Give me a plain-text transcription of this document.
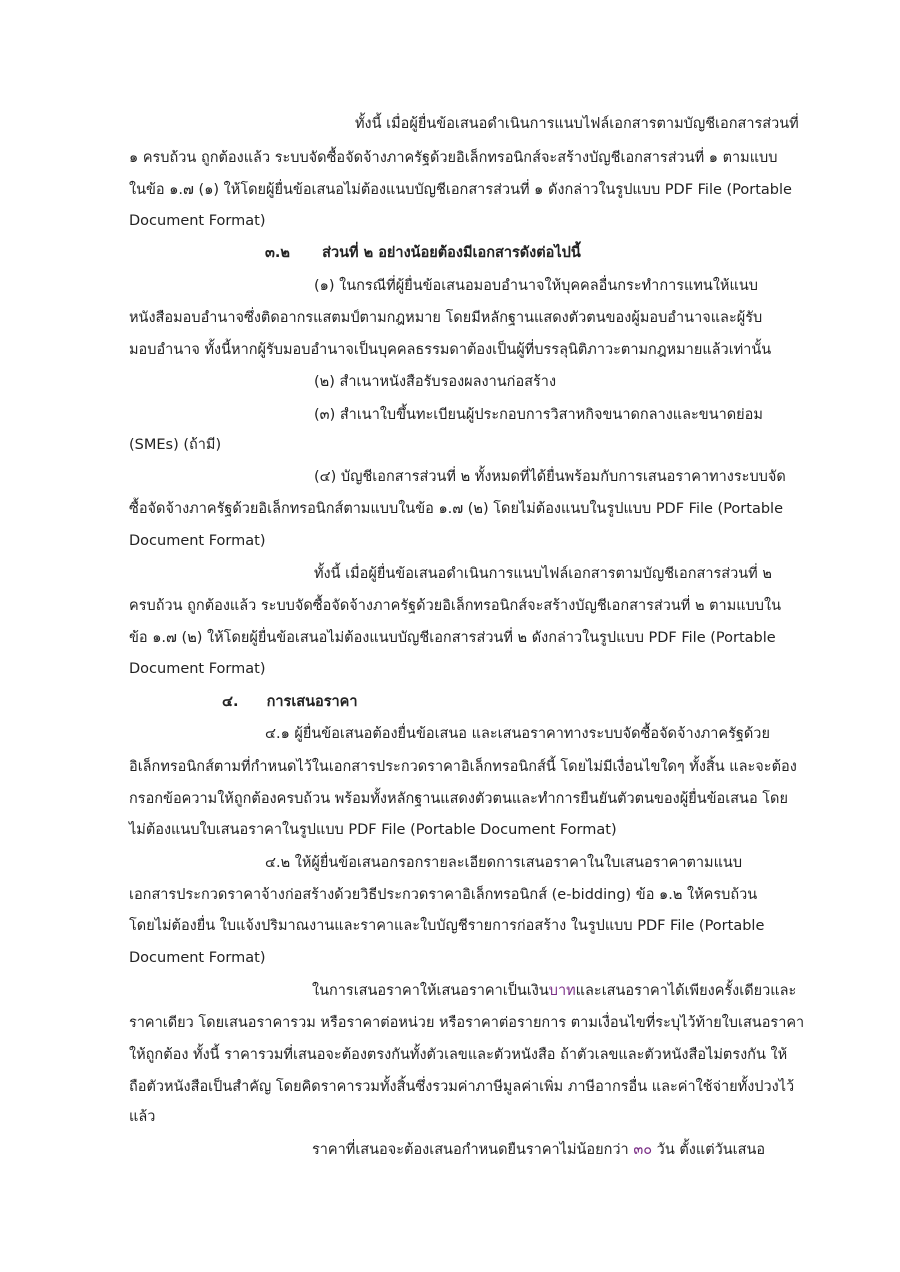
ทั้งนี้ เมื่อผู้ยื่นข้อเสนอดำเนินการแนบไฟล์เอกสารตามบัญชีเอกสารส่วนที่
๑ ครบถ้วน ถูกต้องแล้ว ระบบจัดซื้อจัดจ้างภาครัฐด้วยอิเล็กทรอนิกส์จะสร้างบัญชีเอกสารส่วนที่ ๑ ตามแบบ
ในข้อ ๑.๗ (๑) ให้โดยผู้ยื่นข้อเสนอไม่ต้องแนบบัญชีเอกสารส่วนที่ ๑ ดังกล่าวในรูปแบบ PDF File (Portable
Document Format)
๓.๒ ส่วนที่ ๒ อย่างน้อยต้องมีเอกสารดังต่อไปนี้
(๑) ในกรณีที่ผู้ยื่นข้อเสนอมอบอำนาจให้บุคคลอื่นกระทำการแทนให้แนบ
หนังสือมอบอำนาจซึ่งติดอากรแสตมป์ตามกฎหมาย โดยมีหลักฐานแสดงตัวตนของผู้มอบอำนาจและผู้รับ
มอบอำนาจ ทั้งนี้หากผู้รับมอบอำนาจเป็นบุคคลธรรมดาต้องเป็นผู้ที่บรรลุนิติภาวะตามกฎหมายแล้วเท่านั้น
(๒) สำเนาหนังสือรับรองผลงานก่อสร้าง
(๓) สำเนาใบขึ้นทะเบียนผู้ประกอบการวิสาหกิจขนาดกลางและขนาดย่อม
(SMEs) (ถ้ามี)
(๔) บัญชีเอกสารส่วนที่ ๒ ทั้งหมดที่ได้ยื่นพร้อมกับการเสนอราคาทางระบบจัด
ซื้อจัดจ้างภาครัฐด้วยอิเล็กทรอนิกส์ตามแบบในข้อ ๑.๗ (๒) โดยไม่ต้องแนบในรูปแบบ PDF File (Portable
Document Format)
ทั้งนี้ เมื่อผู้ยื่นข้อเสนอดำเนินการแนบไฟล์เอกสารตามบัญชีเอกสารส่วนที่ ๒
ครบถ้วน ถูกต้องแล้ว ระบบจัดซื้อจัดจ้างภาครัฐด้วยอิเล็กทรอนิกส์จะสร้างบัญชีเอกสารส่วนที่ ๒ ตามแบบใน
ข้อ ๑.๗ (๒) ให้โดยผู้ยื่นข้อเสนอไม่ต้องแนบบัญชีเอกสารส่วนที่ ๒ ดังกล่าวในรูปแบบ PDF File (Portable
Document Format)
๔. การเสนอราคา
๔.๑ ผู้ยื่นข้อเสนอต้องยื่นข้อเสนอ และเสนอราคาทางระบบจัดซื้อจัดจ้างภาครัฐด้วย
อิเล็กทรอนิกส์ตามที่กำหนดไว้ในเอกสารประกวดราคาอิเล็กทรอนิกส์นี้ โดยไม่มีเงื่อนไขใดๆ ทั้งสิ้น และจะต้อง
กรอกข้อความให้ถูกต้องครบถ้วน พร้อมทั้งหลักฐานแสดงตัวตนและทำการยืนยันตัวตนของผู้ยื่นข้อเสนอ โดย
ไม่ต้องแนบใบเสนอราคาในรูปแบบ PDF File (Portable Document Format)
๔.๒ ให้ผู้ยื่นข้อเสนอกรอกรายละเอียดการเสนอราคาในใบเสนอราคาตามแนบ
เอกสารประกวดราคาจ้างก่อสร้างด้วยวิธีประกวดราคาอิเล็กทรอนิกส์ (e-bidding) ข้อ ๑.๒ ให้ครบถ้วน
โดยไม่ต้องยื่น ใบแจ้งปริมาณงานและราคาและใบบัญชีรายการก่อสร้าง ในรูปแบบ PDF File (Portable
Document Format)
ในการเสนอราคาให้เสนอราคาเป็นเงินบาทและเสนอราคาได้เพียงครั้งเดียวและ
ราคาเดียว โดยเสนอราคารวม หรือราคาต่อหน่วย หรือราคาต่อรายการ ตามเงื่อนไขที่ระบุไว้ท้ายใบเสนอราคา
ให้ถูกต้อง ทั้งนี้ ราคารวมที่เสนอจะต้องตรงกันทั้งตัวเลขและตัวหนังสือ ถ้าตัวเลขและตัวหนังสือไม่ตรงกัน ให้
ถือตัวหนังสือเป็นสำคัญ โดยคิดราคารวมทั้งสิ้นซึ่งรวมค่าภาษีมูลค่าเพิ่ม ภาษีอากรอื่น และค่าใช้จ่ายทั้งปวงไว้
แล้ว
ราคาที่เสนอจะต้องเสนอกำหนดยืนราคาไม่น้อยกว่า ๓๐ วัน ตั้งแต่วันเสนอ
